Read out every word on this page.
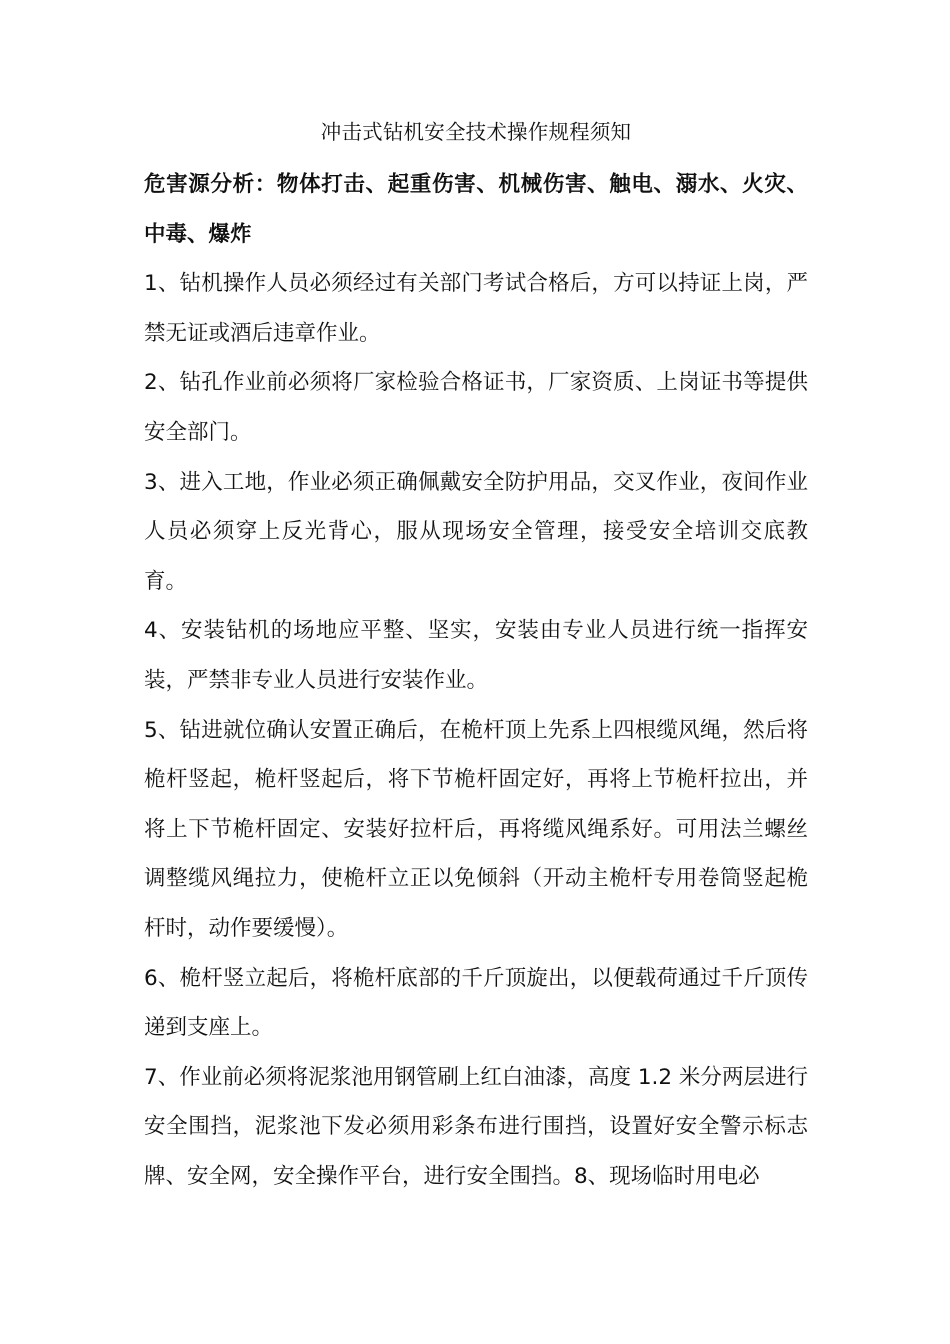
冲击式钻机安全技术操作规程须知

危害源分析：物体打击、起重伤害、机械伤害、触电、溺水、火灾、中毒、爆炸

1、钻机操作人员必须经过有关部门考试合格后，方可以持证上岗，严禁无证或酒后违章作业。

2、钻孔作业前必须将厂家检验合格证书，厂家资质、上岗证书等提供安全部门。

3、进入工地，作业必须正确佩戴安全防护用品，交叉作业，夜间作业人员必须穿上反光背心，服从现场安全管理，接受安全培训交底教育。

4、安装钻机的场地应平整、坚实，安装由专业人员进行统一指挥安装，严禁非专业人员进行安装作业。

5、钻进就位确认安置正确后，在桅杆顶上先系上四根缆风绳，然后将桅杆竖起，桅杆竖起后，将下节桅杆固定好，再将上节桅杆拉出，并将上下节桅杆固定、安装好拉杆后，再将缆风绳系好。可用法兰螺丝调整缆风绳拉力，使桅杆立正以免倾斜（开动主桅杆专用卷筒竖起桅杆时，动作要缓慢）。

6、桅杆竖立起后，将桅杆底部的千斤顶旋出，以便载荷通过千斤顶传递到支座上。

7、作业前必须将泥浆池用钢管刷上红白油漆，高度 1.2 米分两层进行安全围挡，泥浆池下发必须用彩条布进行围挡，设置好安全警示标志牌、安全网，安全操作平台，进行安全围挡。8、现场临时用电必
